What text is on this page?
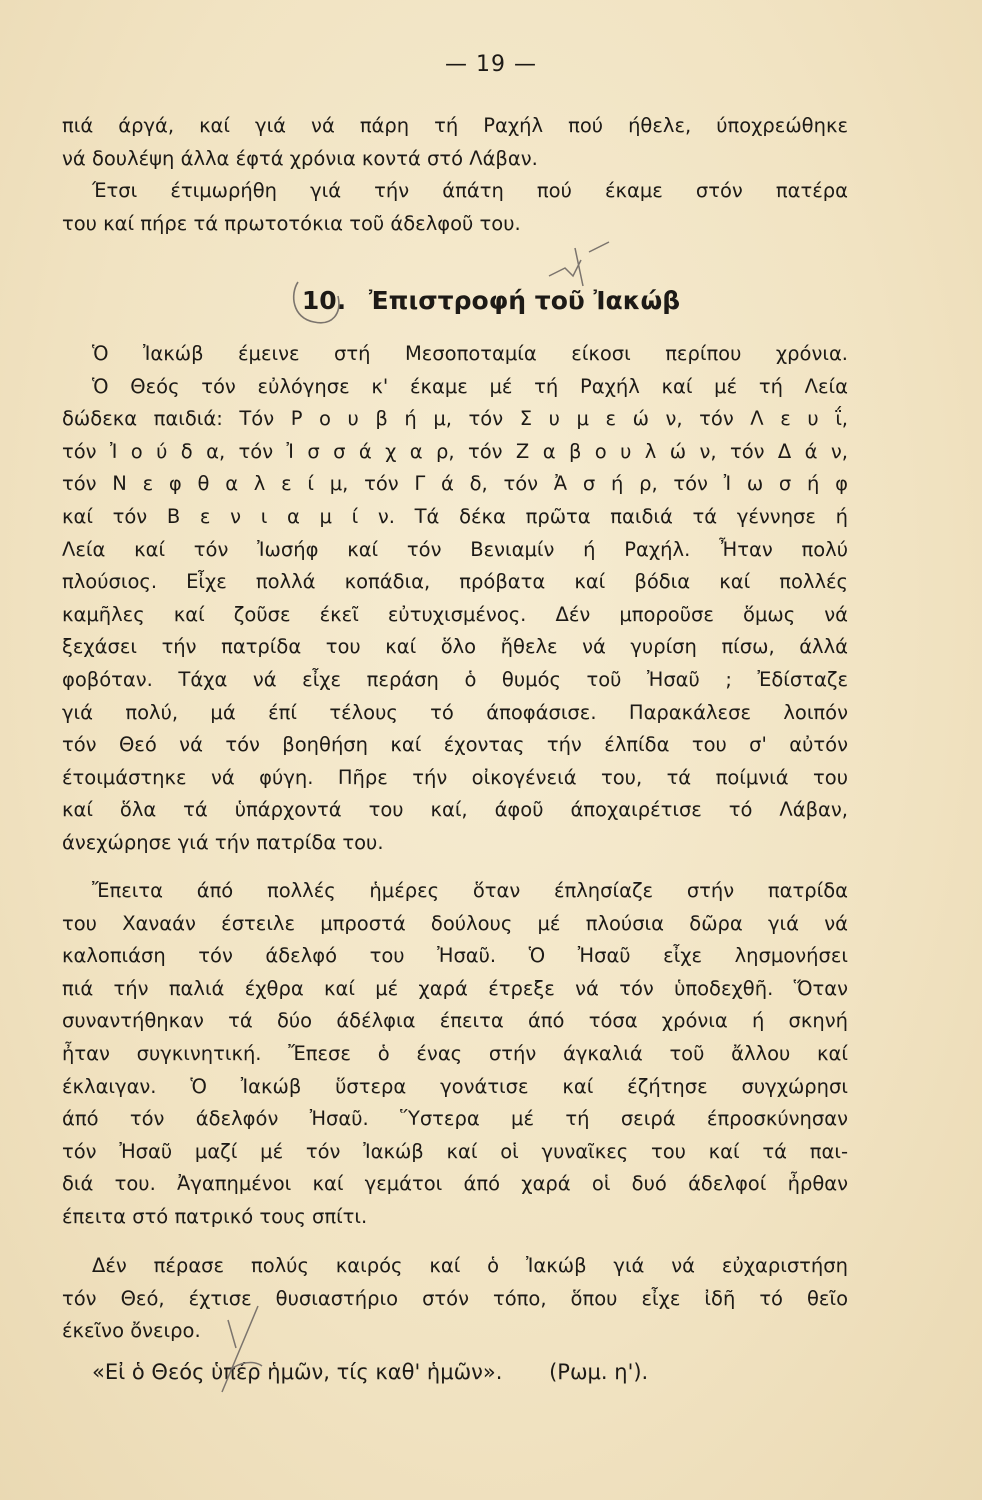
— 19 —
πιά άργά, καί γιά νά πάρη τή Ραχήλ πού ήθελε, ύποχρεώθηκε
νά δουλέψη άλλα έφτά χρόνια κοντά στό Λάβαν.
Έτσι έτιμωρήθη γιά τήν άπάτη πού έκαμε στόν πατέρα
του καί πήρε τά πρωτοτόκια τοῦ άδελφοῦ του.
10. Ἐπιστροφή τοῦ Ἰακώβ
Ὁ Ἰακώβ έμεινε στή Μεσοποταμία είκοσι περίπου χρόνια.
Ὁ Θεός τόν εὐλόγησε κ' έκαμε μέ τή Ραχήλ καί μέ τή Λεία
δώδεκα παιδιά: Τόν Ρ ο υ β ή μ, τόν Σ υ μ ε ώ ν, τόν Λ ε υ ΐ,
τόν Ἰ ο ύ δ α, τόν Ἰ σ σ ά χ α ρ, τόν Ζ α β ο υ λ ώ ν, τόν Δ ά ν,
τόν Ν ε φ θ α λ ε ί μ, τόν Γ ά δ, τόν Ἀ σ ή ρ, τόν Ἰ ω σ ή φ
καί τόν Β ε ν ι α μ ί ν. Τά δέκα πρῶτα παιδιά τά γέννησε ή
Λεία καί τόν Ἰωσήφ καί τόν Βενιαμίν ή Ραχήλ. Ἦταν πολύ
πλούσιος. Εἶχε πολλά κοπάδια, πρόβατα καί βόδια καί πολλές
καμῆλες καί ζοῦσε έκεῖ εὐτυχισμένος. Δέν μποροῦσε ὅμως νά
ξεχάσει τήν πατρίδα του καί ὅλο ἤθελε νά γυρίση πίσω, άλλά
φοβόταν. Τάχα νά εἶχε περάση ὁ θυμός τοῦ Ἠσαῦ ; Ἐδίσταζε
γιά πολύ, μά έπί τέλους τό άποφάσισε. Παρακάλεσε λοιπόν
τόν Θεό νά τόν βοηθήση καί έχοντας τήν έλπίδα του σ' αὐτόν
έτοιμάστηκε νά φύγη. Πῆρε τήν οἰκογένειά του, τά ποίμνιά του
καί ὅλα τά ὑπάρχοντά του καί, άφοῦ άποχαιρέτισε τό Λάβαν,
άνεχώρησε γιά τήν πατρίδα του.
Ἔπειτα άπό πολλές ἡμέρες ὅταν έπλησίαζε στήν πατρίδα
του Χαναάν έστειλε μπροστά δούλους μέ πλούσια δῶρα γιά νά
καλοπιάση τόν άδελφό του Ἠσαῦ. Ὁ Ἠσαῦ εἶχε λησμονήσει
πιά τήν παλιά έχθρα καί μέ χαρά έτρεξε νά τόν ὑποδεχθῆ. Ὅταν
συναντήθηκαν τά δύο άδέλφια έπειτα άπό τόσα χρόνια ή σκηνή
ἦταν συγκινητική. Ἔπεσε ὁ ένας στήν άγκαλιά τοῦ ἄλλου καί
έκλαιγαν. Ὁ Ἰακώβ ὕστερα γονάτισε καί έζήτησε συγχώρησι
άπό τόν άδελφόν Ἠσαῦ. Ὕστερα μέ τή σειρά έπροσκύνησαν
τόν Ἠσαῦ μαζί μέ τόν Ἰακώβ καί οἱ γυναῖκες του καί τά παι-
διά του. Ἀγαπημένοι καί γεμάτοι άπό χαρά οἱ δυό άδελφοί ἦρθαν
έπειτα στό πατρικό τους σπίτι.
Δέν πέρασε πολύς καιρός καί ὁ Ἰακώβ γιά νά εὐχαριστήση
τόν Θεό, έχτισε θυσιαστήριο στόν τόπο, ὅπου εἶχε ἰδῆ τό θεῖο
έκεῖνο ὄνειρο.
«Εἰ ὁ Θεός ὑπέρ ἡμῶν, τίς καθ' ἡμῶν». (Ρωμ. η').
